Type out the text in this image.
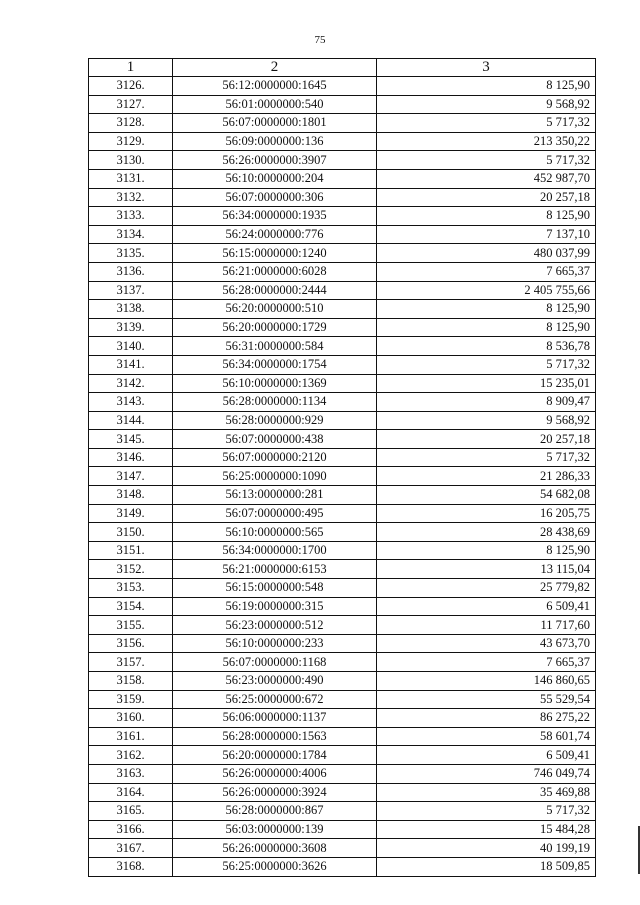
75
1	2	3
3126.	56:12:0000000:1645	8 125,90
3127.	56:01:0000000:540	9 568,92
3128.	56:07:0000000:1801	5 717,32
3129.	56:09:0000000:136	213 350,22
3130.	56:26:0000000:3907	5 717,32
3131.	56:10:0000000:204	452 987,70
3132.	56:07:0000000:306	20 257,18
3133.	56:34:0000000:1935	8 125,90
3134.	56:24:0000000:776	7 137,10
3135.	56:15:0000000:1240	480 037,99
3136.	56:21:0000000:6028	7 665,37
3137.	56:28:0000000:2444	2 405 755,66
3138.	56:20:0000000:510	8 125,90
3139.	56:20:0000000:1729	8 125,90
3140.	56:31:0000000:584	8 536,78
3141.	56:34:0000000:1754	5 717,32
3142.	56:10:0000000:1369	15 235,01
3143.	56:28:0000000:1134	8 909,47
3144.	56:28:0000000:929	9 568,92
3145.	56:07:0000000:438	20 257,18
3146.	56:07:0000000:2120	5 717,32
3147.	56:25:0000000:1090	21 286,33
3148.	56:13:0000000:281	54 682,08
3149.	56:07:0000000:495	16 205,75
3150.	56:10:0000000:565	28 438,69
3151.	56:34:0000000:1700	8 125,90
3152.	56:21:0000000:6153	13 115,04
3153.	56:15:0000000:548	25 779,82
3154.	56:19:0000000:315	6 509,41
3155.	56:23:0000000:512	11 717,60
3156.	56:10:0000000:233	43 673,70
3157.	56:07:0000000:1168	7 665,37
3158.	56:23:0000000:490	146 860,65
3159.	56:25:0000000:672	55 529,54
3160.	56:06:0000000:1137	86 275,22
3161.	56:28:0000000:1563	58 601,74
3162.	56:20:0000000:1784	6 509,41
3163.	56:26:0000000:4006	746 049,74
3164.	56:26:0000000:3924	35 469,88
3165.	56:28:0000000:867	5 717,32
3166.	56:03:0000000:139	15 484,28
3167.	56:26:0000000:3608	40 199,19
3168.	56:25:0000000:3626	18 509,85
